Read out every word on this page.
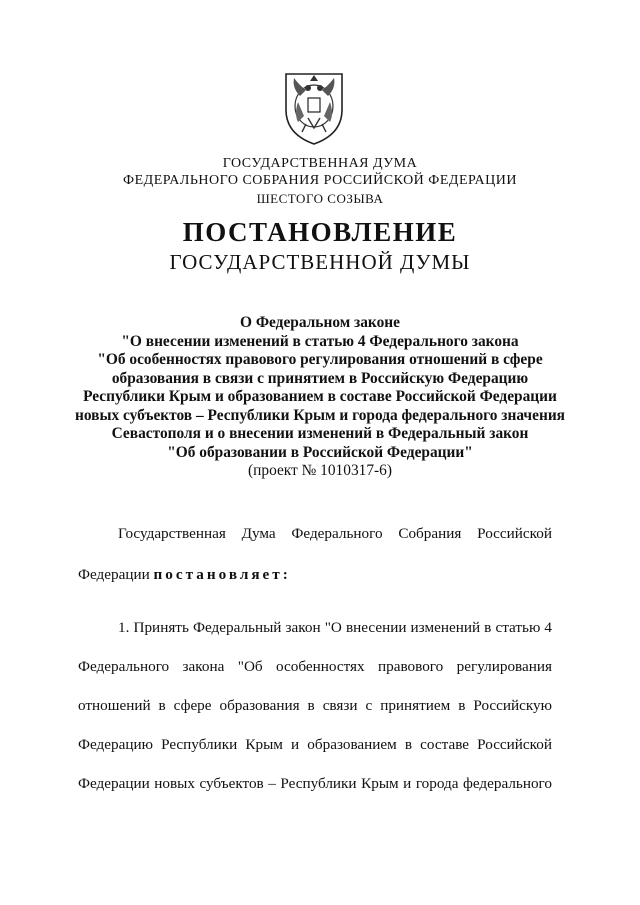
ГОСУДАРСТВЕННАЯ ДУМА
ФЕДЕРАЛЬНОГО СОБРАНИЯ РОССИЙСКОЙ ФЕДЕРАЦИИ
ШЕСТОГО СОЗЫВА
ПОСТАНОВЛЕНИЕ
ГОСУДАРСТВЕННОЙ ДУМЫ
О Федеральном законе
"О внесении изменений в статью 4 Федерального закона
"Об особенностях правового регулирования отношений в сфере
образования в связи с принятием в Российскую Федерацию
Республики Крым и образованием в составе Российской Федерации
новых субъектов – Республики Крым и города федерального значения
Севастополя и о внесении изменений в Федеральный закон
"Об образовании в Российской Федерации"
(проект № 1010317-6)
Государственная Дума Федерального Собрания Российской
Федерации постановляет:
1. Принять Федеральный закон "О внесении изменений в статью 4
Федерального закона "Об особенностях правового регулирования
отношений в сфере образования в связи с принятием в Российскую
Федерацию Республики Крым и образованием в составе Российской
Федерации новых субъектов – Республики Крым и города федерального
